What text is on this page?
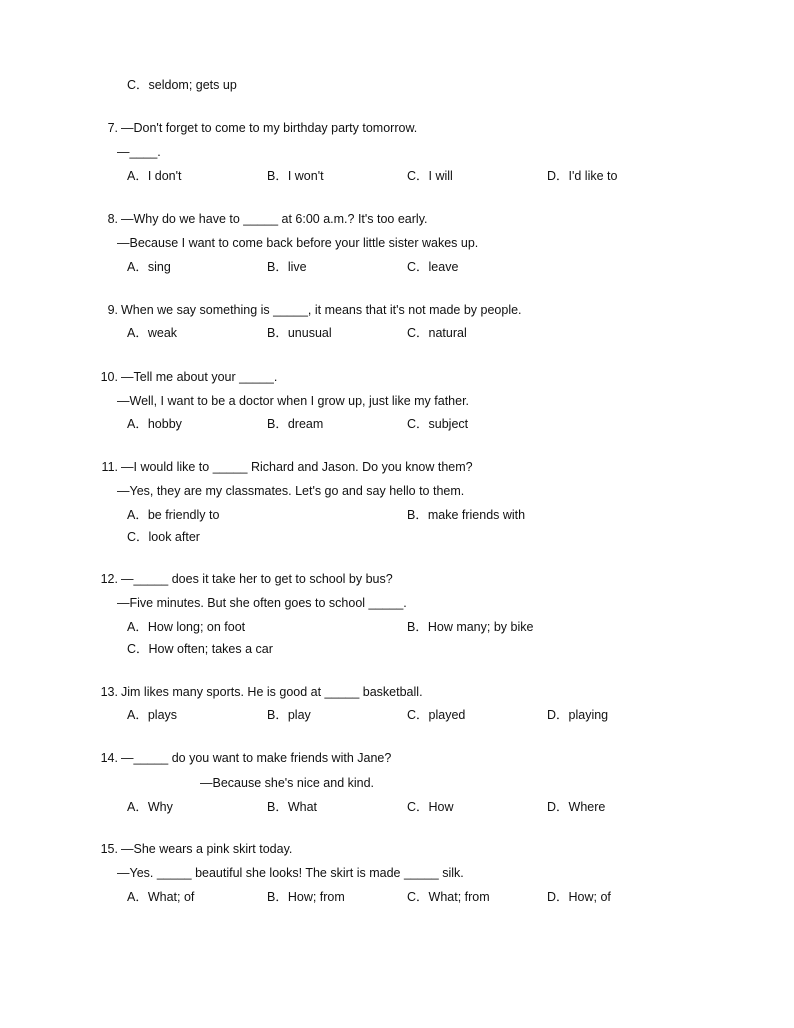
C．seldom; gets up
7. —Don't forget to come to my birthday party tomorrow.
—____.
A．I don't	B．I won't	C．I will	D．I'd like to
8. —Why do we have to _____ at 6:00 a.m.? It's too early.
—Because I want to come back before your little sister wakes up.
A．sing	B．live	C．leave
9. When we say something is _____, it means that it's not made by people.
A．weak	B．unusual	C．natural
10. —Tell me about your _____.
—Well, I want to be a doctor when I grow up, just like my father.
A．hobby	B．dream	C．subject
11. —I would like to _____ Richard and Jason. Do you know them?
—Yes, they are my classmates. Let's go and say hello to them.
A．be friendly to	B．make friends with
C．look after
12. —_____ does it take her to get to school by bus?
—Five minutes. But she often goes to school _____.
A．How long; on foot	B．How many; by bike
C．How often; takes a car
13. Jim likes many sports. He is good at _____ basketball.
A．plays	B．play	C．played	D．playing
14. —_____ do you want to make friends with Jane?
—Because she's nice and kind.
A．Why	B．What	C．How	D．Where
15. —She wears a pink skirt today.
—Yes. _____ beautiful she looks! The skirt is made _____ silk.
A．What; of	B．How; from	C．What; from	D．How; of
